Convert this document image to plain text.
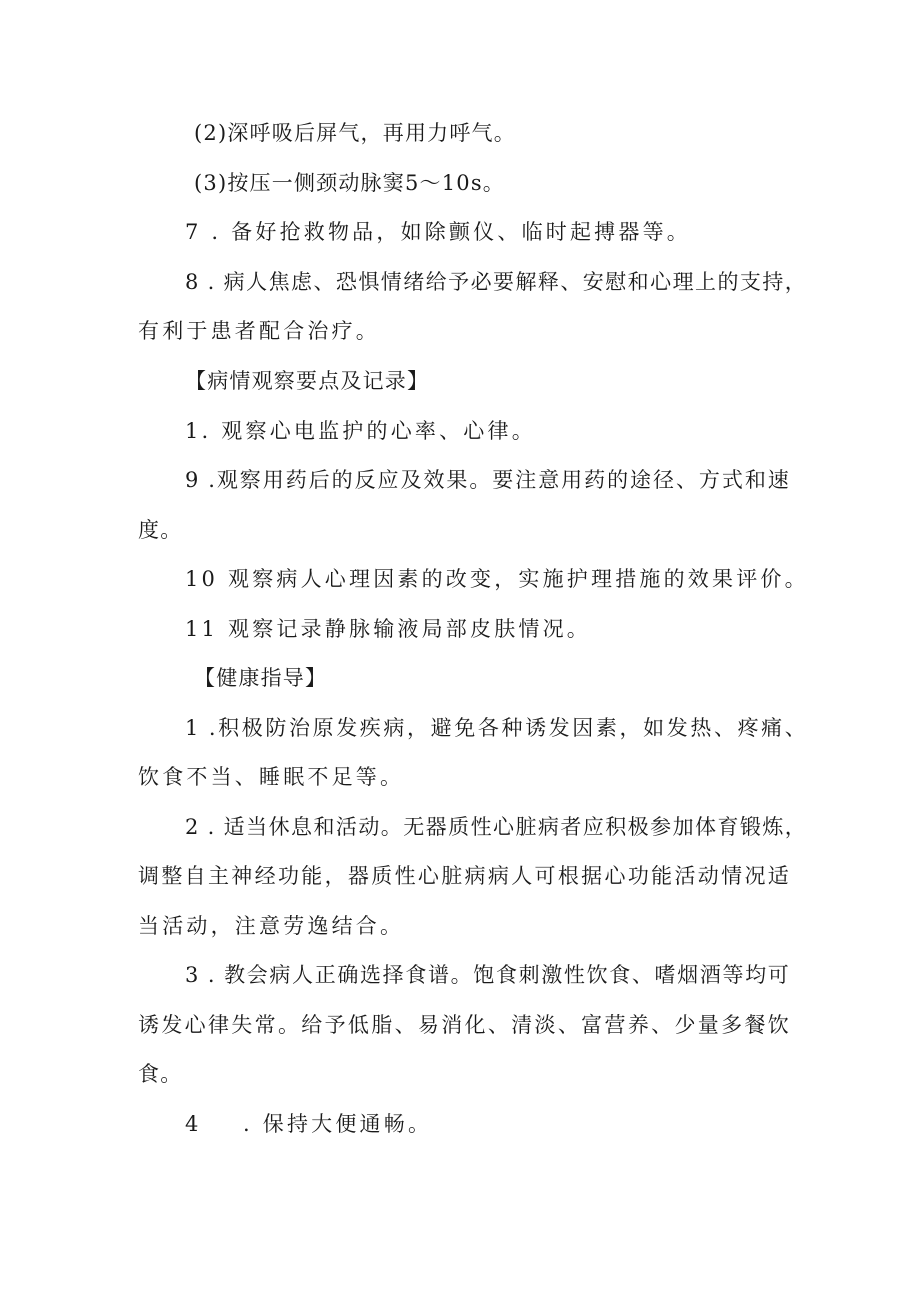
(2)深呼吸后屏气，再用力呼气。

(3)按压一侧颈动脉窦5～10s。

7 . 备好抢救物品，如除颤仪、临时起搏器等。

8 . 病人焦虑、恐惧情绪给予必要解释、安慰和心理上的支持，

有利于患者配合治疗。

【病情观察要点及记录】

1. 观察心电监护的心率、心律。

9 .观察用药后的反应及效果。要注意用药的途径、方式和速

度。

10 观察病人心理因素的改变，实施护理措施的效果评价。

11 观察记录静脉输液局部皮肤情况。

【健康指导】

1 .积极防治原发疾病，避免各种诱发因素，如发热、疼痛、

饮食不当、睡眠不足等。

2 . 适当休息和活动。无器质性心脏病者应积极参加体育锻炼，

调整自主神经功能，器质性心脏病病人可根据心功能活动情况适

当活动，注意劳逸结合。

3 . 教会病人正确选择食谱。饱食刺激性饮食、嗜烟酒等均可

诱发心律失常。给予低脂、易消化、清淡、富营养、少量多餐饮

食。

4 . 保持大便通畅。
